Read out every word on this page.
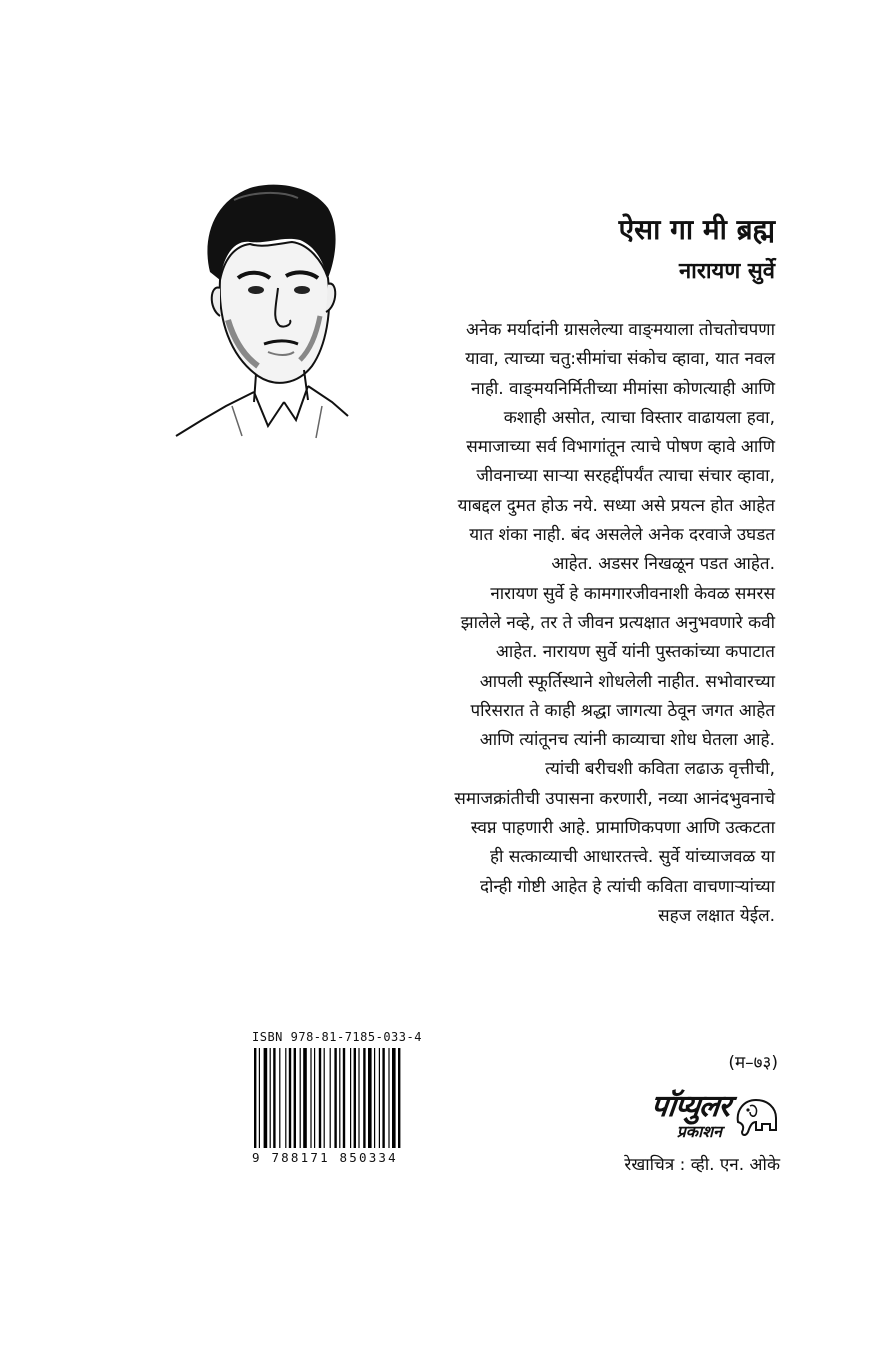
ऐसा गा मी ब्रह्म
नारायण सुर्वे
अनेक मर्यादांनी ग्रासलेल्या वाङ्‌मयाला तोचतोचपणा
यावा, त्याच्या चतु:सीमांचा संकोच व्हावा, यात नवल
नाही. वाङ्‌मयनिर्मितीच्या मीमांसा कोणत्याही आणि
कशाही असोत, त्याचा विस्तार वाढायला हवा,
समाजाच्या सर्व विभागांतून त्याचे पोषण व्हावे आणि
जीवनाच्या साऱ्या सरहद्दींपर्यंत त्याचा संचार व्हावा,
याबद्दल दुमत होऊ नये. सध्या असे प्रयत्न होत आहेत
यात शंका नाही. बंद असलेले अनेक दरवाजे उघडत
आहेत. अडसर निखळून पडत आहेत.
नारायण सुर्वे हे कामगारजीवनाशी केवळ समरस
झालेले नव्हे, तर ते जीवन प्रत्यक्षात अनुभवणारे कवी
आहेत. नारायण सुर्वे यांनी पुस्तकांच्या कपाटात
आपली स्फूर्तिस्थाने शोधलेली नाहीत. सभोवारच्या
परिसरात ते काही श्रद्धा जागत्या ठेवून जगत आहेत
आणि त्यांतूनच त्यांनी काव्याचा शोध घेतला आहे.
त्यांची बरीचशी कविता लढाऊ वृत्तीची,
समाजक्रांतीची उपासना करणारी, नव्या आनंदभुवनाचे
स्वप्न पाहणारी आहे. प्रामाणिकपणा आणि उत्कटता
ही सत्काव्याची आधारतत्त्वे. सुर्वे यांच्याजवळ या
दोन्ही गोष्टी आहेत हे त्यांची कविता वाचणाऱ्यांच्या
सहज लक्षात येईल.
ISBN 978-81-7185-033-4
9 788171 850334
(म–७३)
पॉप्युलर
प्रकाशन
रेखाचित्र : व्ही. एन. ओके
